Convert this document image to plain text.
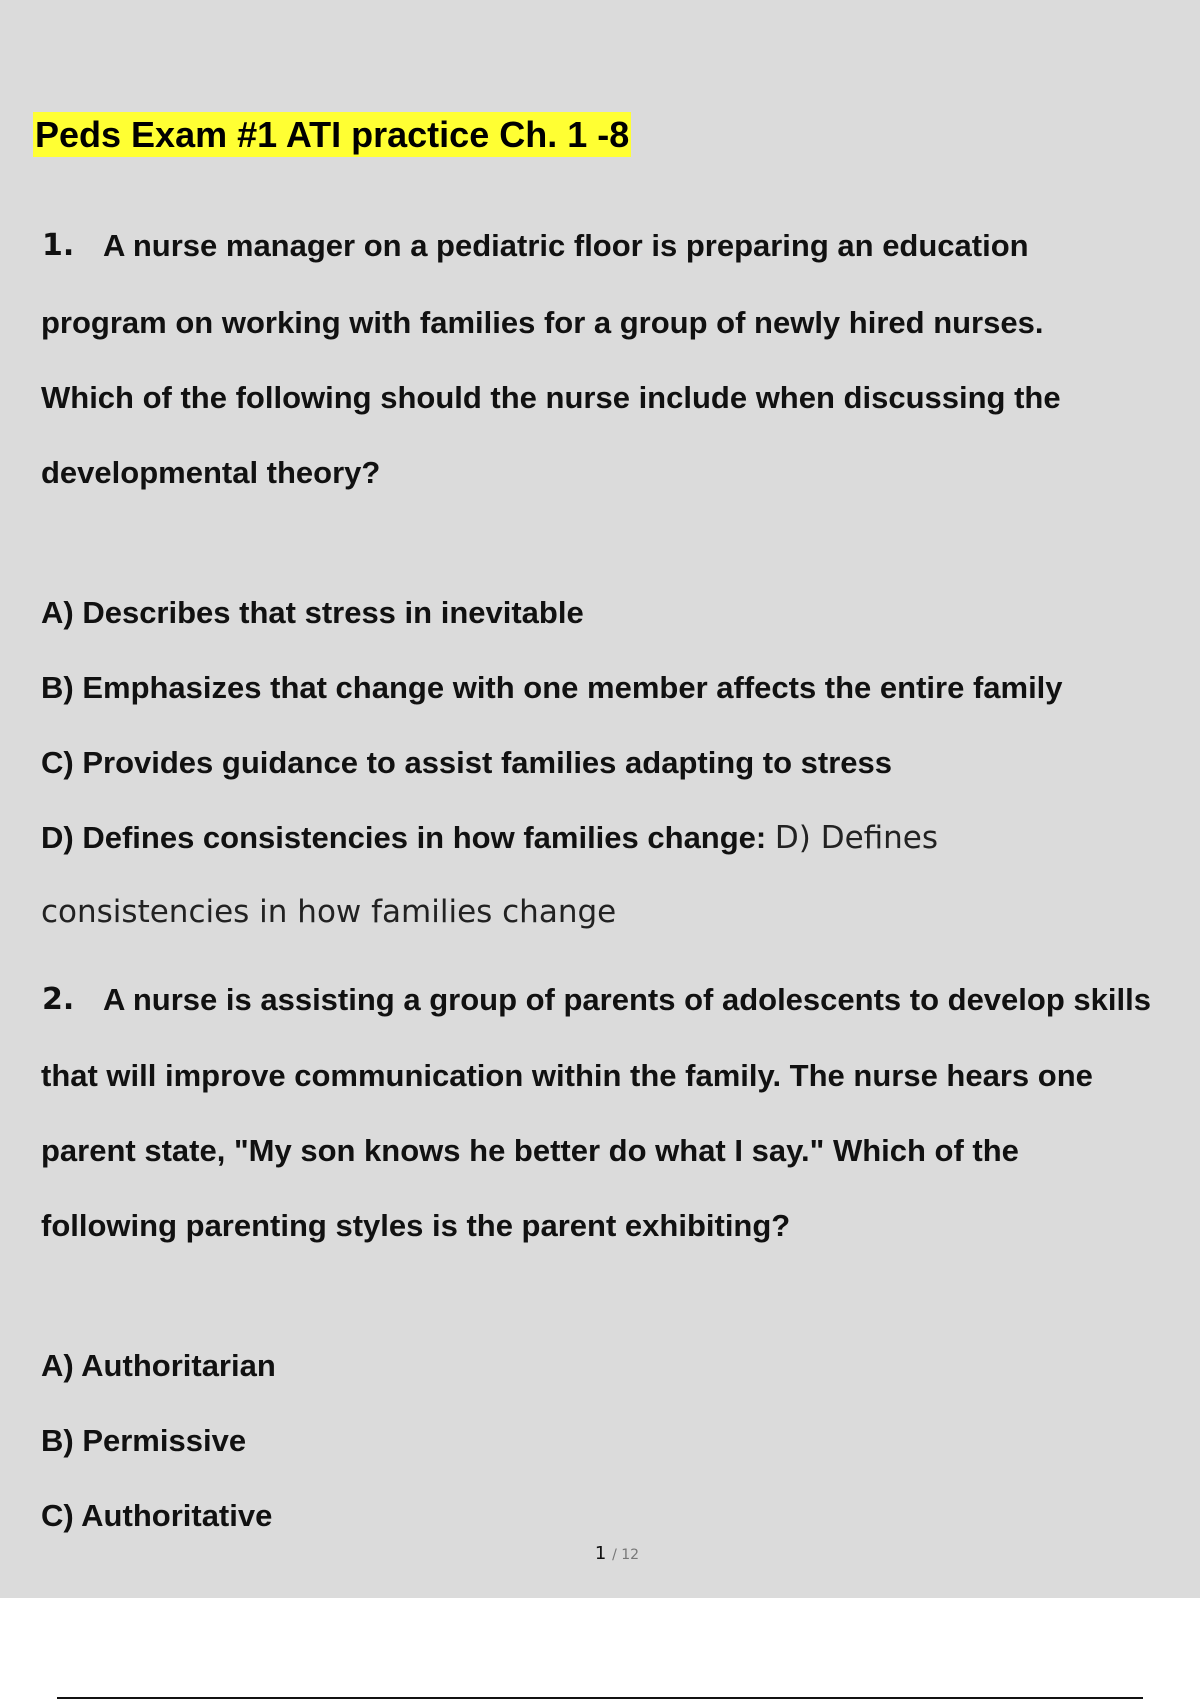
Peds Exam #1 ATI practice Ch. 1 -8
1. A nurse manager on a pediatric floor is preparing an education
program on working with families for a group of newly hired nurses.
Which of the following should the nurse include when discussing the
developmental theory?
A) Describes that stress in inevitable
B) Emphasizes that change with one member affects the entire family
C) Provides guidance to assist families adapting to stress
D) Defines consistencies in how families change: D) Defines
consistencies in how families change
2. A nurse is assisting a group of parents of adolescents to develop skills
that will improve communication within the family. The nurse hears one
parent state, "My son knows he better do what I say." Which of the
following parenting styles is the parent exhibiting?
A) Authoritarian
B) Permissive
C) Authoritative
1 / 12
